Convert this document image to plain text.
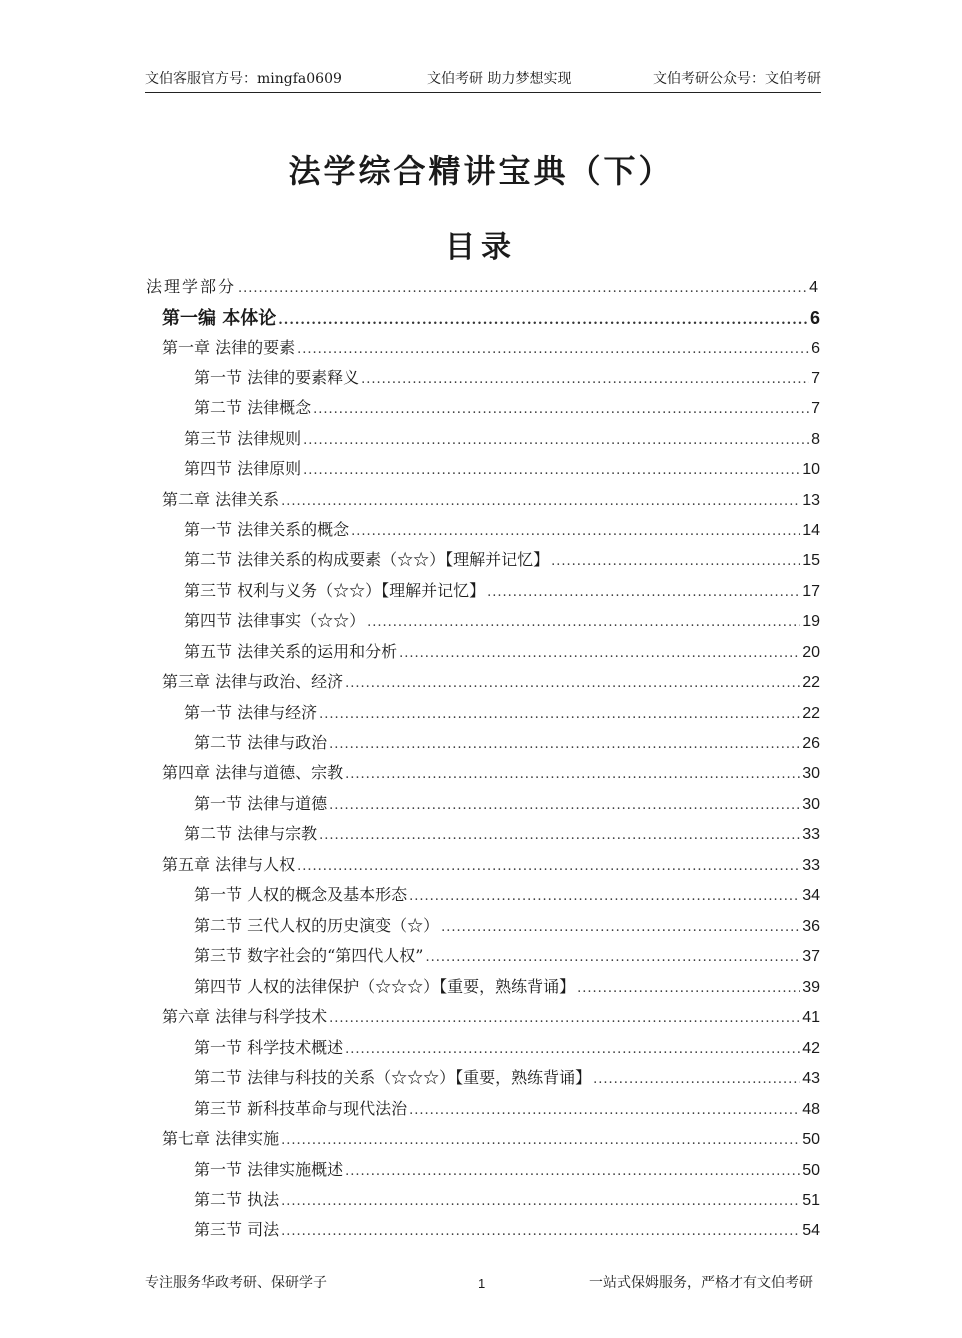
文伯客服官方号：mingfa0609	文伯考研 助力梦想实现	文伯考研公众号：文伯考研
法学综合精讲宝典（下）
目录
法理学部分 .....	4
第一编 本体论 .....	6
第一章 法律的要素 .....	6
第一节 法律的要素释义 .....	7
第二节 法律概念 .....	7
第三节 法律规则 .....	8
第四节 法律原则 .....	10
第二章 法律关系 .....	13
第一节 法律关系的概念 .....	14
第二节 法律关系的构成要素（☆☆）【理解并记忆】 .....	15
第三节 权利与义务（☆☆）【理解并记忆】 .....	17
第四节 法律事实（☆☆） .....	19
第五节 法律关系的运用和分析 .....	20
第三章 法律与政治、经济 .....	22
第一节 法律与经济 .....	22
第二节 法律与政治 .....	26
第四章 法律与道德、宗教 .....	30
第一节 法律与道德 .....	30
第二节 法律与宗教 .....	33
第五章 法律与人权 .....	33
第一节 人权的概念及基本形态 .....	34
第二节 三代人权的历史演变（☆） .....	36
第三节 数字社会的“第四代人权” .....	37
第四节 人权的法律保护（☆☆☆）【重要，熟练背诵】 .....	39
第六章 法律与科学技术 .....	41
第一节 科学技术概述 .....	42
第二节 法律与科技的关系（☆☆☆）【重要，熟练背诵】 .....	43
第三节 新科技革命与现代法治 .....	48
第七章 法律实施 .....	50
第一节 法律实施概述 .....	50
第二节 执法 .....	51
第三节 司法 .....	54
专注服务华政考研、保研学子	1	一站式保姆服务，严格才有文伯考研
